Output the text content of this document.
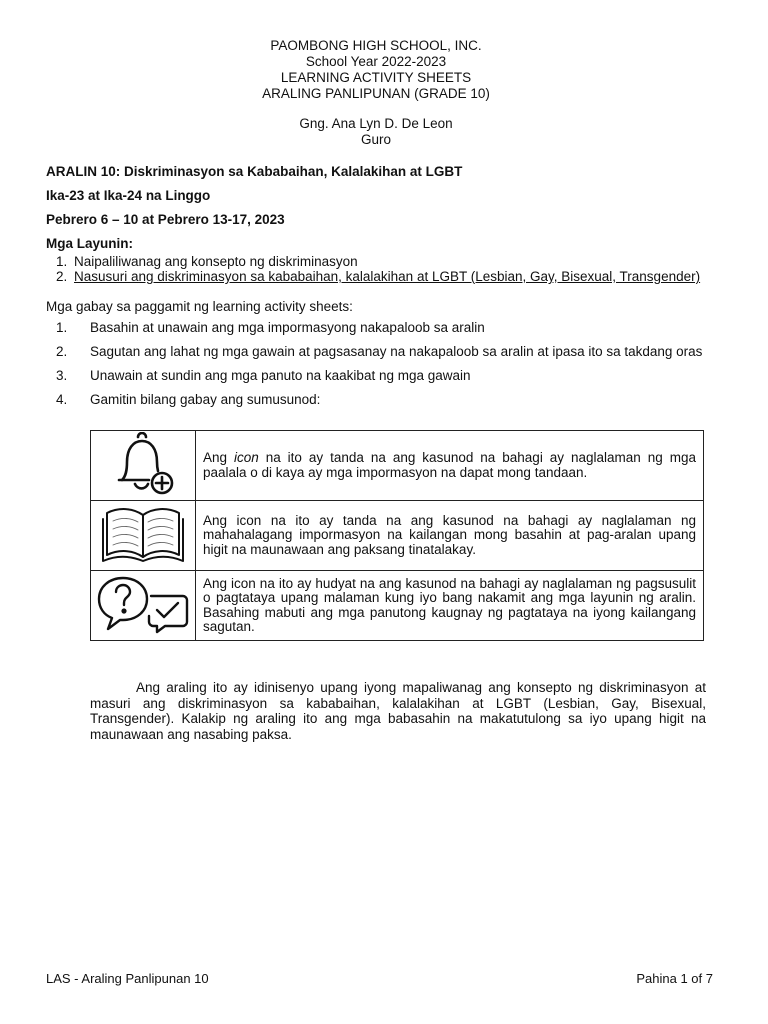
PAOMBONG HIGH SCHOOL, INC.
School Year 2022-2023
LEARNING ACTIVITY SHEETS
ARALING PANLIPUNAN (GRADE 10)
Gng. Ana Lyn D. De Leon
Guro
ARALIN 10: Diskriminasyon sa Kababaihan, Kalalakihan at LGBT
Ika-23 at Ika-24 na Linggo
Pebrero 6 – 10 at Pebrero 13-17, 2023
Mga Layunin:
1. Naipaliliwanag ang konsepto ng diskriminasyon
2. Nasusuri ang diskriminasyon sa kababaihan, kalalakihan at LGBT (Lesbian, Gay, Bisexual, Transgender)
Mga gabay sa paggamit ng learning activity sheets:
1.	Basahin at unawain ang mga impormasyong nakapaloob sa aralin
2.	Sagutan ang lahat ng mga gawain at pagsasanay na nakapaloob sa aralin at ipasa ito sa takdang oras
3.	Unawain at sundin ang mga panuto na kaakibat ng mga gawain
4.	Gamitin bilang gabay ang sumusunod:
	Ang icon na ito ay tanda na ang kasunod na bahagi ay naglalaman ng mga paalala o di kaya ay mga impormasyon na dapat mong tandaan.
	Ang icon na ito ay tanda na ang kasunod na bahagi ay naglalaman ng mahahalagang impormasyon na kailangan mong basahin at pag-aralan upang higit na maunawaan ang paksang tinatalakay.
	Ang icon na ito ay hudyat na ang kasunod na bahagi ay naglalaman ng pagsusulit o pagtataya upang malaman kung iyo bang nakamit ang mga layunin ng aralin. Basahing mabuti ang mga panutong kaugnay ng pagtataya na iyong kailangang sagutan.
Ang araling ito ay idinisenyo upang iyong mapaliwanag ang konsepto ng diskriminasyon at masuri ang diskriminasyon sa kababaihan, kalalakihan at LGBT (Lesbian, Gay, Bisexual, Transgender). Kalakip ng araling ito ang mga babasahin na makatutulong sa iyo upang higit na maunawaan ang nasabing paksa.
LAS - Araling Panlipunan 10	Pahina 1 of 7
